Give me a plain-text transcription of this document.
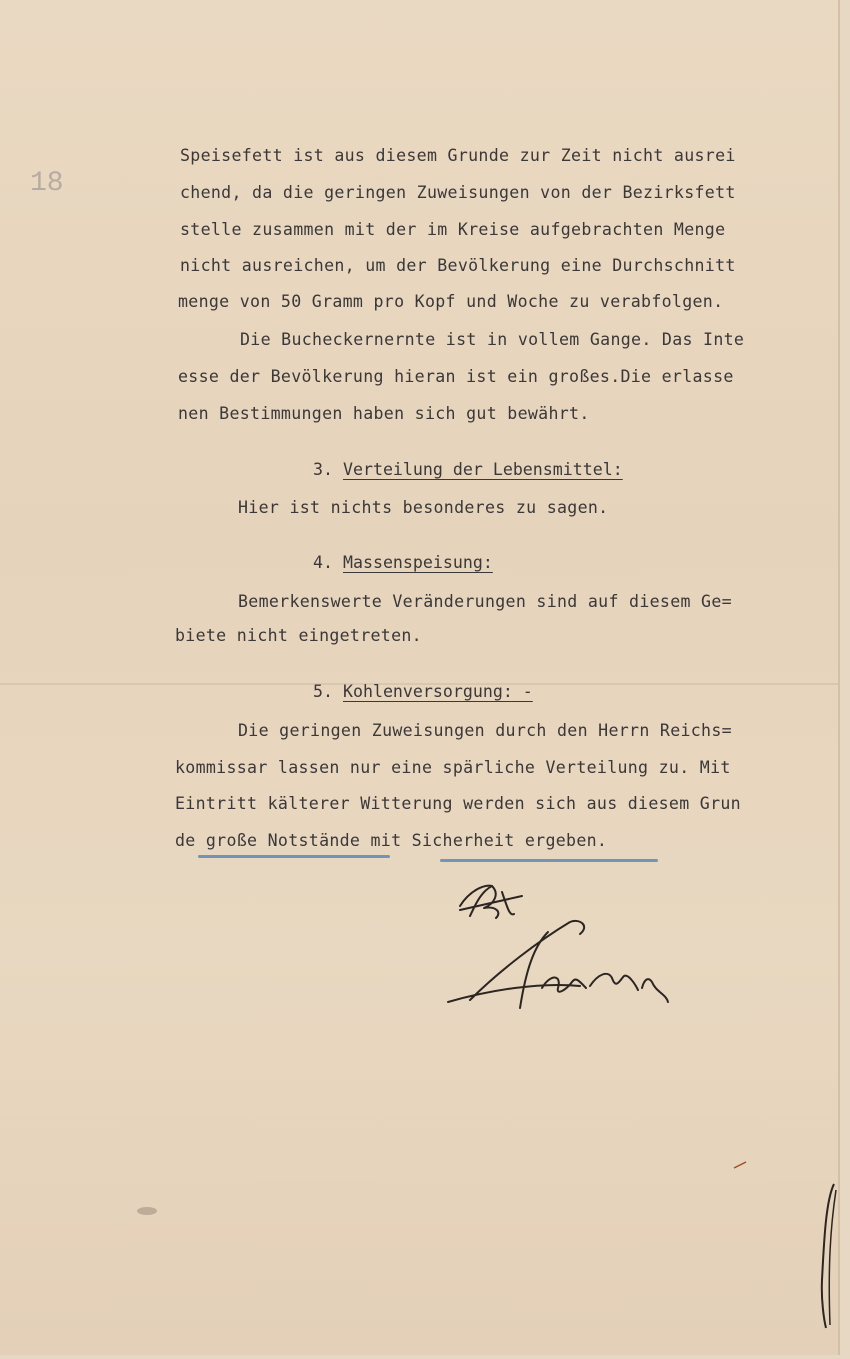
18
Speisefett ist aus diesem Grunde zur Zeit nicht ausrei
chend, da die geringen Zuweisungen von der Bezirksfett
stelle zusammen mit der im Kreise aufgebrachten Menge
nicht ausreichen, um der Bevölkerung eine Durchschnitt
menge von 50 Gramm pro Kopf und Woche zu verabfolgen.
Die Bucheckernernte ist in vollem Gange. Das Inte
esse der Bevölkerung hieran ist ein großes.Die erlasse
nen Bestimmungen haben sich gut bewährt.
3. Verteilung der Lebensmittel:
Hier ist nichts besonderes zu sagen.
4. Massenspeisung:
Bemerkenswerte Veränderungen sind auf diesem Ge=
biete nicht eingetreten.
5. Kohlenversorgung: -
Die geringen Zuweisungen durch den Herrn Reichs=
kommissar lassen nur eine spärliche Verteilung zu. Mit
Eintritt kälterer Witterung werden sich aus diesem Grun
de große Notstände mit Sicherheit ergeben.
